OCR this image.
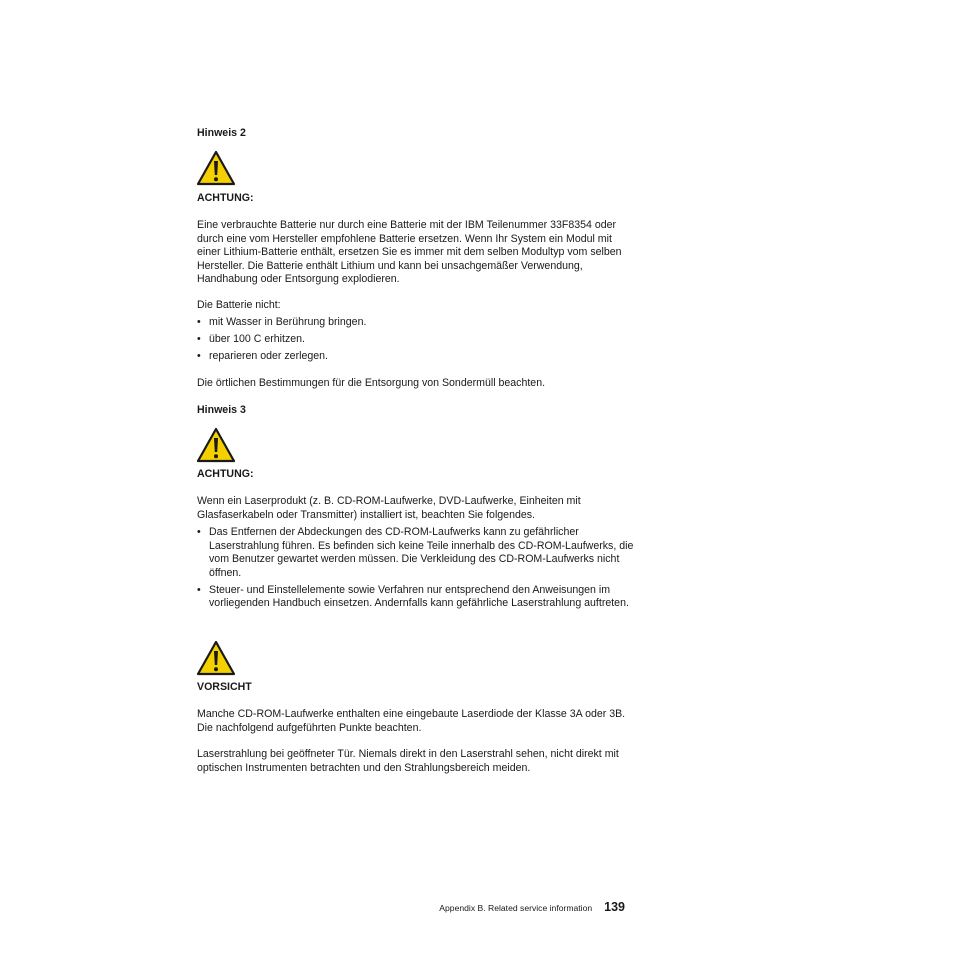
Hinweis 2
ACHTUNG:
Eine verbrauchte Batterie nur durch eine Batterie mit der IBM Teilenummer 33F8354 oder durch eine vom Hersteller empfohlene Batterie ersetzen. Wenn Ihr System ein Modul mit einer Lithium-Batterie enthält, ersetzen Sie es immer mit dem selben Modultyp vom selben Hersteller. Die Batterie enthält Lithium und kann bei unsachgemäßer Verwendung, Handhabung oder Entsorgung explodieren.
Die Batterie nicht:
• mit Wasser in Berührung bringen.
• über 100 C erhitzen.
• reparieren oder zerlegen.
Die örtlichen Bestimmungen für die Entsorgung von Sondermüll beachten.
Hinweis 3
ACHTUNG:
Wenn ein Laserprodukt (z. B. CD-ROM-Laufwerke, DVD-Laufwerke, Einheiten mit Glasfaserkabeln oder Transmitter) installiert ist, beachten Sie folgendes.
• Das Entfernen der Abdeckungen des CD-ROM-Laufwerks kann zu gefährlicher Laserstrahlung führen. Es befinden sich keine Teile innerhalb des CD-ROM-Laufwerks, die vom Benutzer gewartet werden müssen. Die Verkleidung des CD-ROM-Laufwerks nicht öffnen.
• Steuer- und Einstellelemente sowie Verfahren nur entsprechend den Anweisungen im vorliegenden Handbuch einsetzen. Andernfalls kann gefährliche Laserstrahlung auftreten.
VORSICHT
Manche CD-ROM-Laufwerke enthalten eine eingebaute Laserdiode der Klasse 3A oder 3B. Die nachfolgend aufgeführten Punkte beachten.
Laserstrahlung bei geöffneter Tür. Niemals direkt in den Laserstrahl sehen, nicht direkt mit optischen Instrumenten betrachten und den Strahlungsbereich meiden.
Appendix B. Related service information 139
